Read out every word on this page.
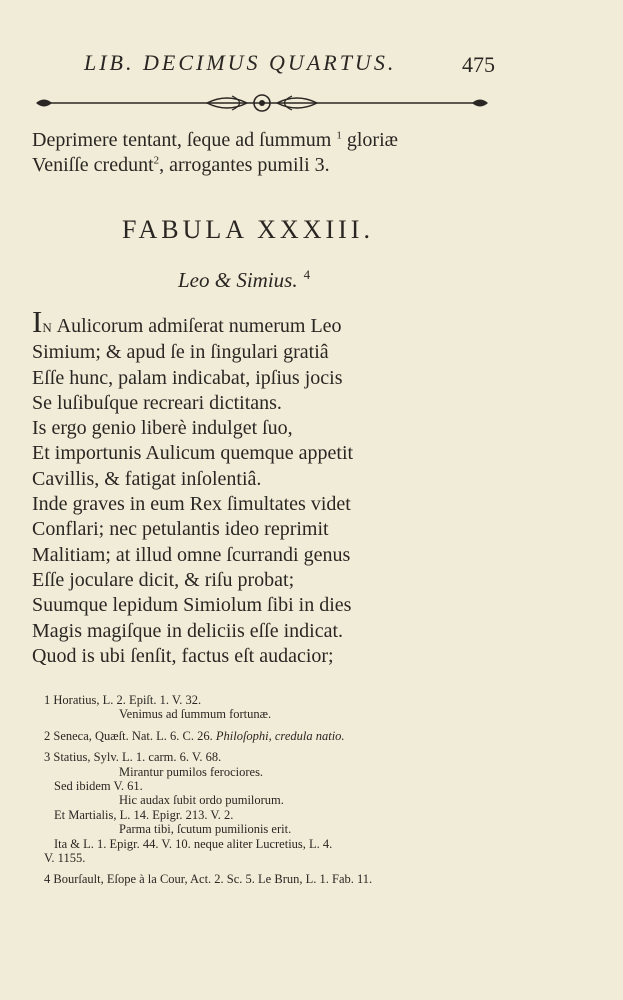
LIB. DECIMUS QUARTUS.	475
Deprimere tentant, ſeque ad ſummum $^1$ gloriæ
Veniſſe credunt$^2$, arrogantes pumili 3.
FABULA XXXIII.
Leo & Simius. $^4$
IN Aulicorum admiſerat numerum Leo
Simium; & apud ſe in ſingulari gratiâ
Eſſe hunc, palam indicabat, ipſius jocis
Se luſibuſque recreari dictitans.
Is ergo genio liberè indulget ſuo,
Et importunis Aulicum quemque appetit
Cavillis, & fatigat inſolentiâ.
Inde graves in eum Rex ſimultates videt
Conflari; nec petulantis ideo reprimit
Malitiam; at illud omne ſcurrandi genus
Eſſe joculare dicit, & riſu probat;
Suumque lepidum Simiolum ſibi in dies
Magis magiſque in deliciis eſſe indicat.
Quod is ubi ſenſit, factus eſt audacior;
1 Horatius, L. 2. Epiſt. 1. V. 32.
Venimus ad ſummum fortunæ.
2 Seneca, Quæſt. Nat. L. 6. C. 26. Philoſophi, credula natio.
3 Statius, Sylv. L. 1. carm. 6. V. 68.
Mirantur pumilos ferociores.
Sed ibidem V. 61.
Hic audax ſubit ordo pumilorum.
Et Martialis, L. 14. Epigr. 213. V. 2.
Parma tibi, ſcutum pumilionis erit.
Ita & L. 1. Epigr. 44. V. 10. neque aliter Lucretius, L. 4.
V. 1155.
4 Bourſault, Eſope à la Cour, Act. 2. Sc. 5. Le Brun, L. 1. Fab. 11.
